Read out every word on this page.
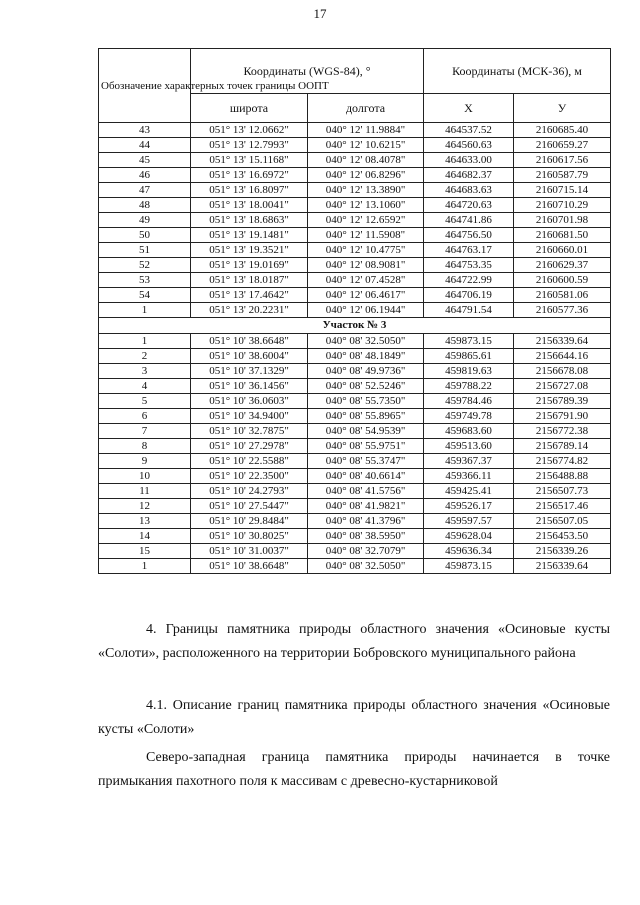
17
Обозначение характерных точек границы ООПТ	Координаты (WGS-84), °		Координаты (МСК-36), м	
	широта	долгота	X	У
43	051° 13' 12.0662"	040° 12' 11.9884"	464537.52	2160685.40
44	051° 13' 12.7993"	040° 12' 10.6215"	464560.63	2160659.27
45	051° 13' 15.1168"	040° 12' 08.4078"	464633.00	2160617.56
46	051° 13' 16.6972"	040° 12' 06.8296"	464682.37	2160587.79
47	051° 13' 16.8097"	040° 12' 13.3890"	464683.63	2160715.14
48	051° 13' 18.0041"	040° 12' 13.1060"	464720.63	2160710.29
49	051° 13' 18.6863"	040° 12' 12.6592"	464741.86	2160701.98
50	051° 13' 19.1481"	040° 12' 11.5908"	464756.50	2160681.50
51	051° 13' 19.3521"	040° 12' 10.4775"	464763.17	2160660.01
52	051° 13' 19.0169"	040° 12' 08.9081"	464753.35	2160629.37
53	051° 13' 18.0187"	040° 12' 07.4528"	464722.99	2160600.59
54	051° 13' 17.4642"	040° 12' 06.4617"	464706.19	2160581.06
1	051° 13' 20.2231"	040° 12' 06.1944"	464791.54	2160577.36
Участок № 3				
1	051° 10' 38.6648"	040° 08' 32.5050"	459873.15	2156339.64
2	051° 10' 38.6004"	040° 08' 48.1849"	459865.61	2156644.16
3	051° 10' 37.1329"	040° 08' 49.9736"	459819.63	2156678.08
4	051° 10' 36.1456"	040° 08' 52.5246"	459788.22	2156727.08
5	051° 10' 36.0603"	040° 08' 55.7350"	459784.46	2156789.39
6	051° 10' 34.9400"	040° 08' 55.8965"	459749.78	2156791.90
7	051° 10' 32.7875"	040° 08' 54.9539"	459683.60	2156772.38
8	051° 10' 27.2978"	040° 08' 55.9751"	459513.60	2156789.14
9	051° 10' 22.5588"	040° 08' 55.3747"	459367.37	2156774.82
10	051° 10' 22.3500"	040° 08' 40.6614"	459366.11	2156488.88
11	051° 10' 24.2793"	040° 08' 41.5756"	459425.41	2156507.73
12	051° 10' 27.5447"	040° 08' 41.9821"	459526.17	2156517.46
13	051° 10' 29.8484"	040° 08' 41.3796"	459597.57	2156507.05
14	051° 10' 30.8025"	040° 08' 38.5950"	459628.04	2156453.50
15	051° 10' 31.0037"	040° 08' 32.7079"	459636.34	2156339.26
1	051° 10' 38.6648"	040° 08' 32.5050"	459873.15	2156339.64
4. Границы памятника природы областного значения «Осиновые кусты «Солоти», расположенного на территории Бобровского муниципального района
4.1. Описание границ памятника природы областного значения «Осиновые кусты «Солоти»
Северо-западная граница памятника природы начинается в точке примыкания пахотного поля к массивам с древесно-кустарниковой
